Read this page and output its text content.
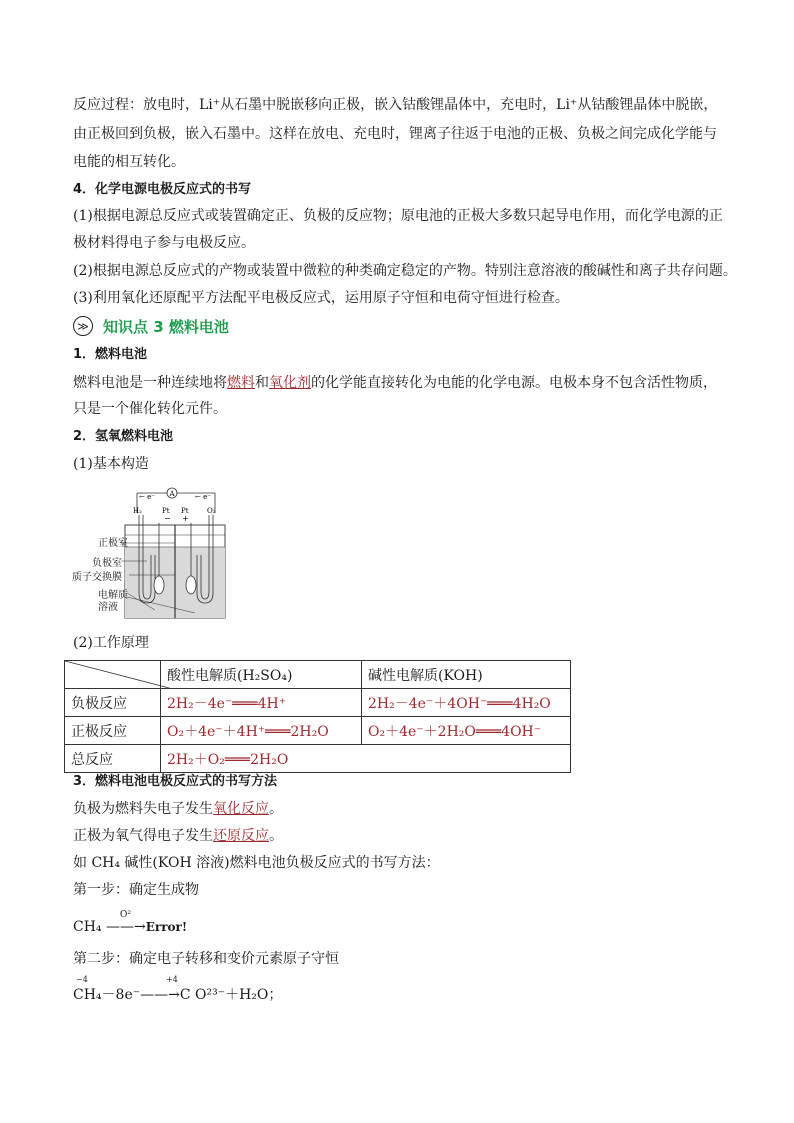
反应过程：放电时，Li⁺从石墨中脱嵌移向正极，嵌入钴酸锂晶体中，充电时，Li⁺从钴酸锂晶体中脱嵌，
由正极回到负极，嵌入石墨中。这样在放电、充电时，锂离子往返于电池的正极、负极之间完成化学能与
电能的相互转化。
4．化学电源电极反应式的书写
(1)根据电源总反应式或装置确定正、负极的反应物；原电池的正极大多数只起导电作用，而化学电源的正
极材料得电子参与电极反应。
(2)根据电源总反应式的产物或装置中微粒的种类确定稳定的产物。特别注意溶液的酸碱性和离子共存问题。
(3)利用氧化还原配平方法配平电极反应式，运用原子守恒和电荷守恒进行检查。
≫ 知识点 3 燃料电池
1．燃料电池
燃料电池是一种连续地将燃料和氧化剂的化学能直接转化为电能的化学电源。电极本身不包含活性物质，
只是一个催化转化元件。
2．氢氧燃料电池
(1)基本构造
A
← e⁻	← e⁻
H₂	Pt Pt	O₂
− +
正极室
负极室
质子交换膜
电解质
溶液
(2)工作原理
	酸性电解质(H₂SO₄)	碱性电解质(KOH)
负极反应	2H₂－4e⁻═══4H⁺	2H₂－4e⁻＋4OH⁻═══4H₂O
正极反应	O₂＋4e⁻＋4H⁺═══2H₂O	O₂＋4e⁻＋2H₂O═══4OH⁻
总反应	2H₂＋O₂═══2H₂O	
3．燃料电池电极反应式的书写方法
负极为燃料失电子发生氧化反应。
正极为氧气得电子发生还原反应。
如 CH₄ 碱性(KOH 溶液)燃料电池负极反应式的书写方法：
第一步：确定生成物
CH₄
O²
——→Error!
第二步：确定电子转移和变价元素原子守恒
−4	+4
CH₄－8e⁻——→C O²³⁻＋H₂O；
